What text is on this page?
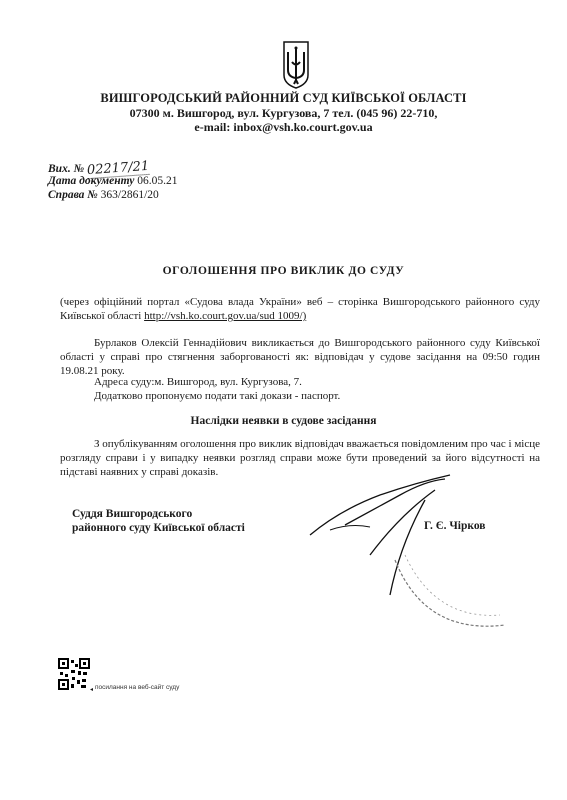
ВИШГОРОДСЬКИЙ РАЙОННИЙ СУД КИЇВСЬКОЇ ОБЛАСТІ
07300 м. Вишгород, вул. Кургузова, 7 тел. (045 96) 22-710,
e-mail: inbox@vsh.ko.court.gov.ua
Вих. № 02217/21
Дата документу 06.05.21
Справа № 363/2861/20
ОГОЛОШЕННЯ ПРО ВИКЛИК ДО СУДУ
(через офіційний портал «Судова влада України» веб – сторінка Вишгородського районного суду Київської області http://vsh.ko.court.gov.ua/sud 1009/)
Бурлаков Олексій Геннадійович викликається до Вишгородського районного суду Київської області у справі про стягнення заборгованості як: відповідач у судове засідання на 09:50 годин 19.08.21 року.
Адреса суду:м. Вишгород, вул. Кургузова, 7.
Додатково пропонуємо подати такі докази - паспорт.
Наслідки неявки в судове засідання
З опублікуванням оголошення про виклик відповідач вважається повідомленим про час і місце розгляду справи і у випадку неявки розгляд справи може бути проведений за його відсутності на підставі наявних у справі доказів.
Суддя Вишгородського
районного суду Київської області	Г. Є. Чірков
◂ посилання на веб-сайт суду
